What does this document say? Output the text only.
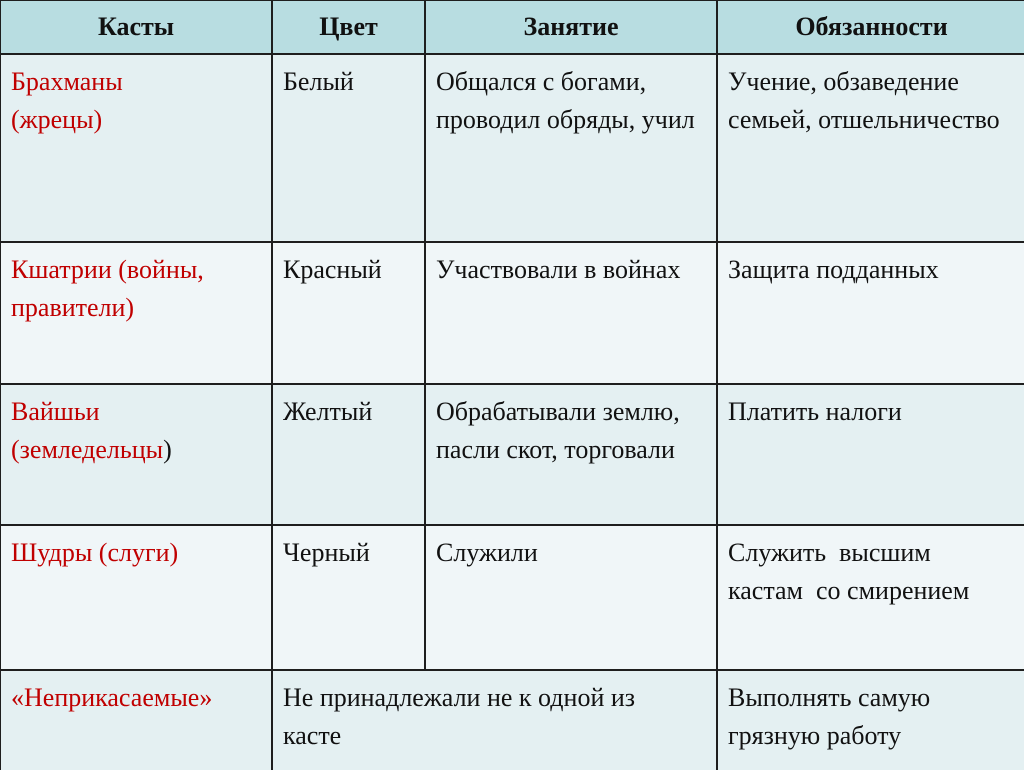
Касты	Цвет	Занятие	Обязанности
Брахманы (жрецы)	Белый	Общался с богами, проводил обряды, учил	Учение, обзаведение семьей, отшельничество
Кшатрии (войны, правители)	Красный	Участвовали в войнах	Защита подданных
Вайшьи (земледельцы)	Желтый	Обрабатывали землю, пасли скот, торговали	Платить налоги
Шудры (слуги)	Черный	Служили	Служить  высшим кастам  со смирением
«Неприкасаемые»	Не принадлежали не к одной из касте		Выполнять самую грязную работу
